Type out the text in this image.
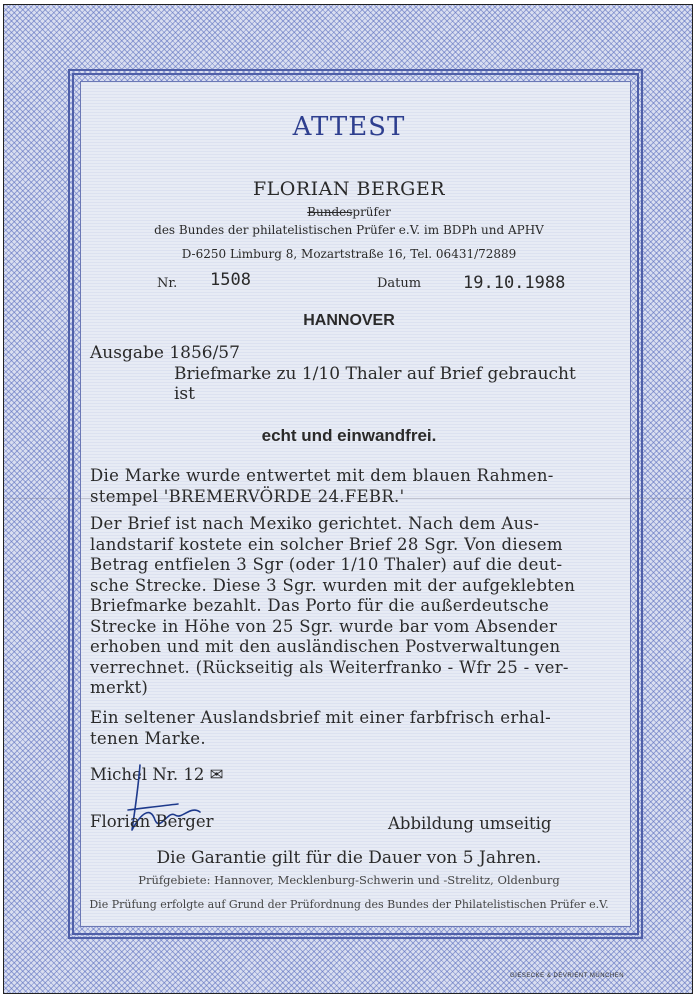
ATTEST
FLORIAN BERGER
Bundesprüfer
des Bundes der philatelistischen Prüfer e.V. im BDPh und APHV
D-6250 Limburg 8, Mozartstraße 16, Tel. 06431/72889
Nr. 1508	Datum 19.10.1988
HANNOVER
Ausgabe 1856/57
Briefmarke zu 1/10 Thaler auf Brief gebraucht
ist
echt und einwandfrei.
Die Marke wurde entwertet mit dem blauen Rahmen-
stempel 'BREMERVÖRDE 24.FEBR.'
Der Brief ist nach Mexiko gerichtet. Nach dem Aus-
landstarif kostete ein solcher Brief 28 Sgr. Von diesem
Betrag entfielen 3 Sgr (oder 1/10 Thaler) auf die deut-
sche Strecke. Diese 3 Sgr. wurden mit der aufgeklebten
Briefmarke bezahlt. Das Porto für die außerdeutsche
Strecke in Höhe von 25 Sgr. wurde bar vom Absender
erhoben und mit den ausländischen Postverwaltungen
verrechnet. (Rückseitig als Weiterfranko - Wfr 25 - ver-
merkt)
Ein seltener Auslandsbrief mit einer farbfrisch erhal-
tenen Marke.
Michel Nr. 12 ✉
Florian Berger	Abbildung umseitig
Die Garantie gilt für die Dauer von 5 Jahren.
Prüfgebiete: Hannover, Mecklenburg-Schwerin und -Strelitz, Oldenburg
Die Prüfung erfolgte auf Grund der Prüfordnung des Bundes der Philatelistischen Prüfer e.V.
GIESECKE & DEVRIENT MÜNCHEN
